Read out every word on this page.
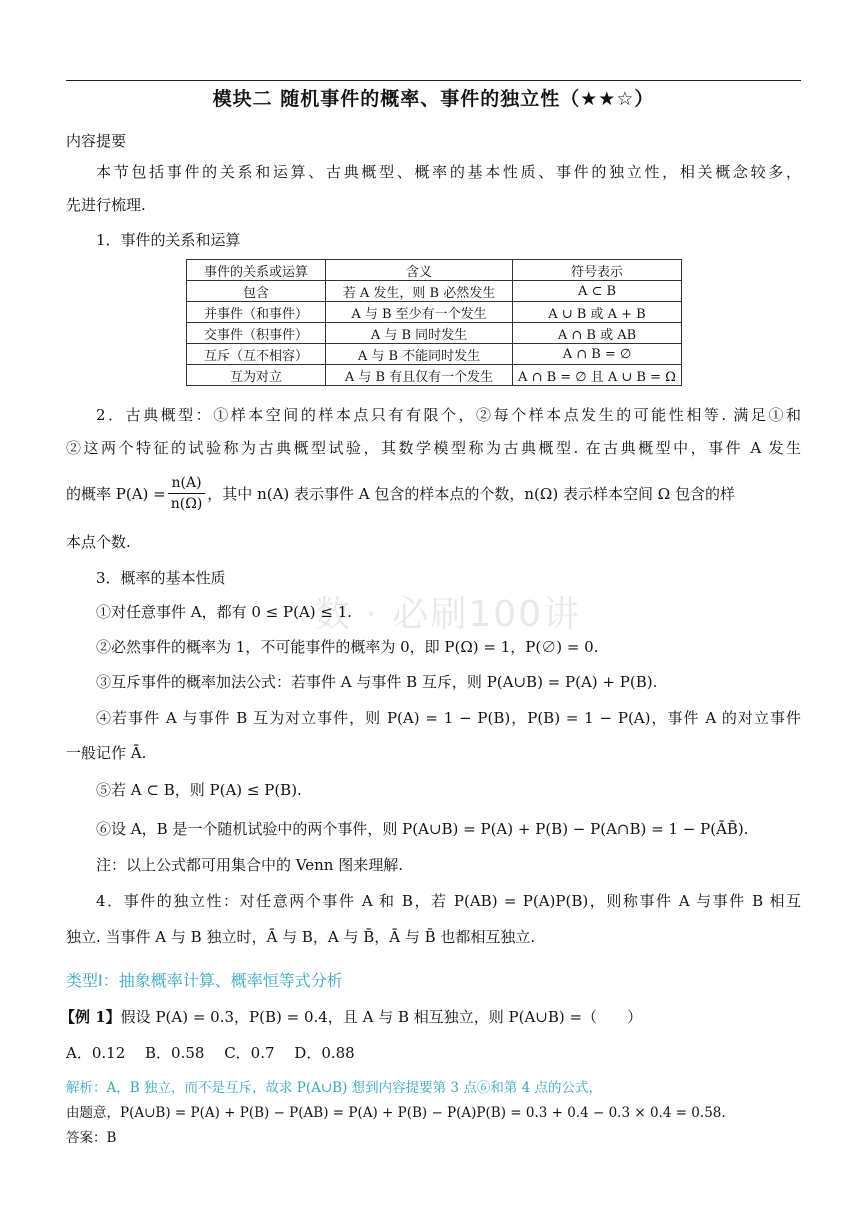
模块二 随机事件的概率、事件的独立性（★★☆）
数 · 必刷100讲
内容提要
本节包括事件的关系和运算、古典概型、概率的基本性质、事件的独立性，相关概念较多，
先进行梳理.
1．事件的关系和运算
事件的关系或运算	含义	符号表示
包含	若 A 发生，则 B 必然发生	A ⊂ B
并事件（和事件）	A 与 B 至少有一个发生	A ∪ B 或 A + B
交事件（积事件）	A 与 B 同时发生	A ∩ B 或 AB
互斥（互不相容）	A 与 B 不能同时发生	A ∩ B = ∅
互为对立	A 与 B 有且仅有一个发生	A ∩ B = ∅ 且 A ∪ B = Ω
2．古典概型：①样本空间的样本点只有有限个，②每个样本点发生的可能性相等. 满足①和
②这两个特征的试验称为古典概型试验，其数学模型称为古典概型. 在古典概型中，事件 A 发生
的概率 $P(A) = \frac{n(A)}{n(\Omega)}$ ，其中 n(A) 表示事件 A 包含的样本点的个数，n(Ω) 表示样本空间 Ω 包含的样
本点个数.
3．概率的基本性质
①对任意事件 A，都有 0 ≤ P(A) ≤ 1.
②必然事件的概率为 1，不可能事件的概率为 0，即 P(Ω) = 1，P(∅) = 0.
③互斥事件的概率加法公式：若事件 A 与事件 B 互斥，则 P(A∪B) = P(A) + P(B).
④若事件 A 与事件 B 互为对立事件，则 P(A) = 1 − P(B)，P(B) = 1 − P(A)，事件 A 的对立事件
一般记作 Ā.
⑤若 A ⊂ B，则 P(A) ≤ P(B).
⑥设 A，B 是一个随机试验中的两个事件，则 P(A∪B) = P(A) + P(B) − P(A∩B) = 1 − P(ĀB̄).
注：以上公式都可用集合中的 Venn 图来理解.
4．事件的独立性：对任意两个事件 A 和 B，若 P(AB) = P(A)P(B)，则称事件 A 与事件 B 相互
独立. 当事件 A 与 B 独立时，Ā 与 B，A 与 B̄，Ā 与 B̄ 也都相互独立.
类型Ⅰ：抽象概率计算、概率恒等式分析
【例 1】假设 P(A) = 0.3，P(B) = 0.4，且 A 与 B 相互独立，则 P(A∪B) =（　　）
A．0.12　 B．0.58　 C．0.7　 D．0.88
解析：A，B 独立，而不是互斥，故求 P(A∪B) 想到内容提要第 3 点⑥和第 4 点的公式，
由题意，P(A∪B) = P(A) + P(B) − P(AB) = P(A) + P(B) − P(A)P(B) = 0.3 + 0.4 − 0.3 × 0.4 = 0.58.
答案：B
